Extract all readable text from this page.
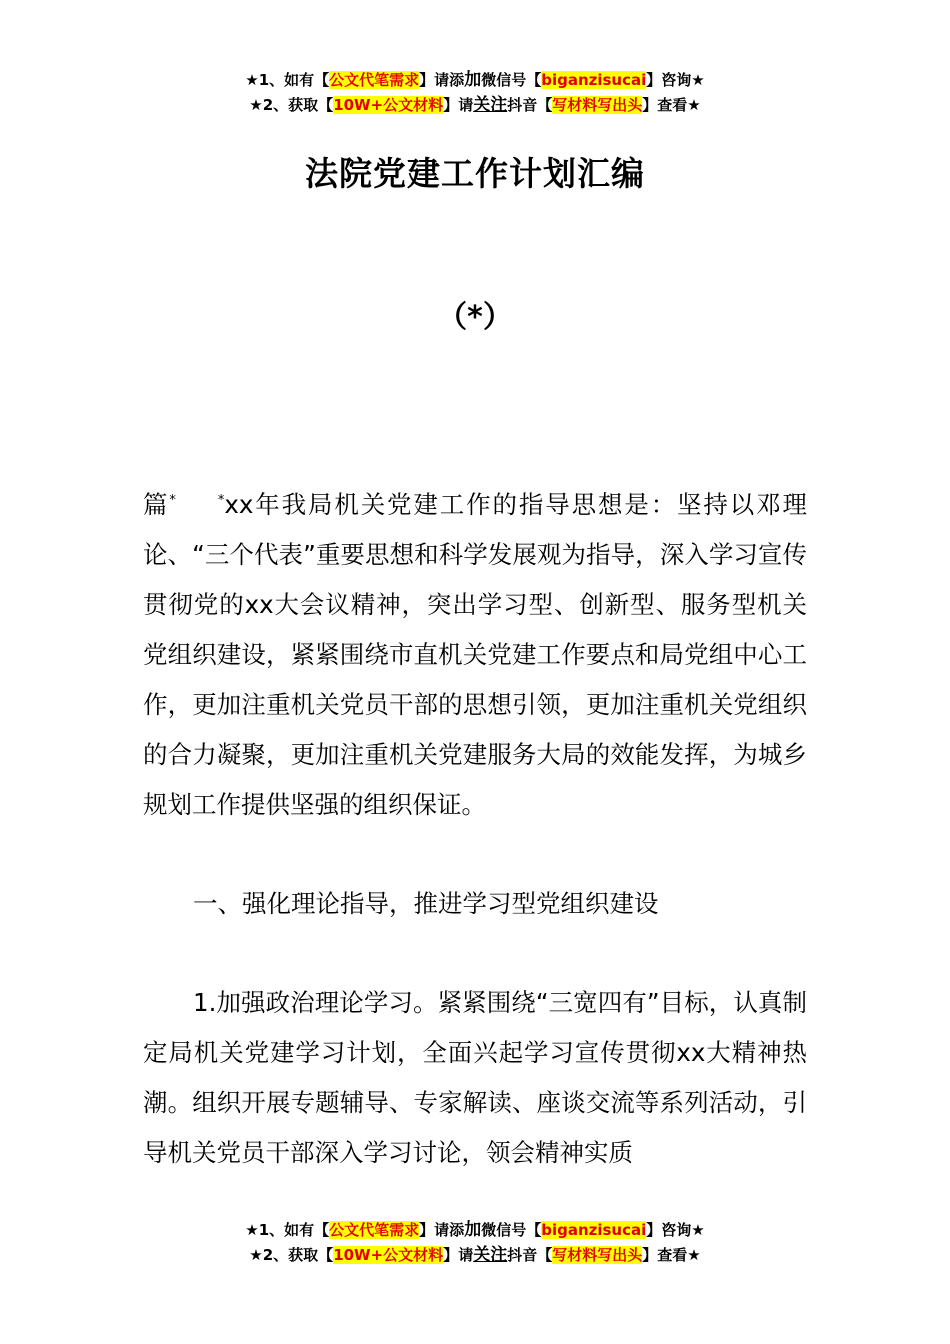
★1、如有【公文代笔需求】请添加微信号【biganzisucai】咨询★
★2、获取【10W+公文材料】请关注抖音【写材料写出头】查看★
法院党建工作计划汇编
（*）

篇*	*xx年我局机关党建工作的指导思想是：坚持以邓理论、“三个代表”重要思想和科学发展观为指导，深入学习宣传贯彻党的xx大会议精神，突出学习型、创新型、服务型机关党组织建设，紧紧围绕市直机关党建工作要点和局党组中心工作，更加注重机关党员干部的思想引领，更加注重机关党组织的合力凝聚，更加注重机关党建服务大局的效能发挥，为城乡规划工作提供坚强的组织保证。

一、强化理论指导，推进学习型党组织建设

1.加强政治理论学习。紧紧围绕“三宽四有”目标，认真制定局机关党建学习计划，全面兴起学习宣传贯彻xx大精神热潮。组织开展专题辅导、专家解读、座谈交流等系列活动，引导机关党员干部深入学习讨论，领会精神实质

★1、如有【公文代笔需求】请添加微信号【biganzisucai】咨询★
★2、获取【10W+公文材料】请关注抖音【写材料写出头】查看★
